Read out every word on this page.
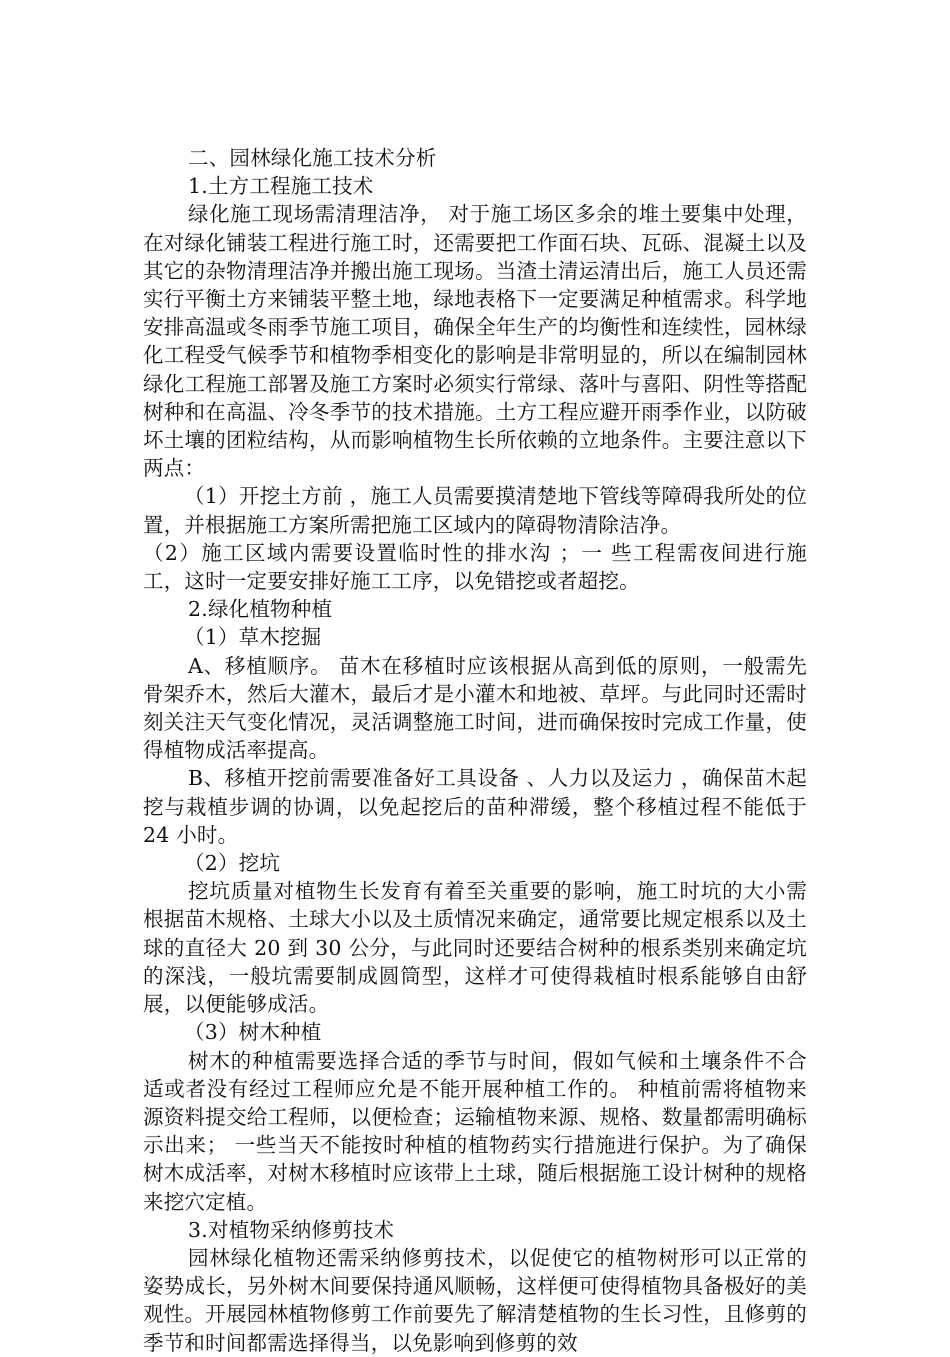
二、园林绿化施工技术分析

1.土方工程施工技术

绿化施工现场需清理洁净， 对于施工场区多余的堆土要集中处理，在对绿化铺装工程进行施工时，还需要把工作面石块、瓦砾、混凝土以及其它的杂物清理洁净并搬出施工现场。当渣土清运清出后，施工人员还需实行平衡土方来铺装平整土地，绿地表格下一定要满足种植需求。科学地安排高温或冬雨季节施工项目，确保全年生产的均衡性和连续性，园林绿化工程受气候季节和植物季相变化的影响是非常明显的，所以在编制园林绿化工程施工部署及施工方案时必须实行常绿、落叶与喜阳、阴性等搭配树种和在高温、冷冬季节的技术措施。土方工程应避开雨季作业，以防破坏土壤的团粒结构，从而影响植物生长所依赖的立地条件。主要注意以下两点：

（1）开挖土方前 ，施工人员需要摸清楚地下管线等障碍我所处的位置，并根据施工方案所需把施工区域内的障碍物清除洁净。

（2）施工区域内需要设置临时性的排水沟 ；一 些工程需夜间进行施工，这时一定要安排好施工工序，以免错挖或者超挖。

2.绿化植物种植

（1）草木挖掘

A、移植顺序。 苗木在移植时应该根据从高到低的原则，一般需先骨架乔木，然后大灌木，最后才是小灌木和地被、草坪。与此同时还需时刻关注天气变化情况，灵活调整施工时间，进而确保按时完成工作量，使得植物成活率提高。

B、移植开挖前需要准备好工具设备 、人力以及运力 ，确保苗木起挖与栽植步调的协调，以免起挖后的苗种滞缓，整个移植过程不能低于 24 小时。

（2）挖坑

挖坑质量对植物生长发育有着至关重要的影响，施工时坑的大小需根据苗木规格、土球大小以及土质情况来确定，通常要比规定根系以及土球的直径大 20 到 30 公分，与此同时还要结合树种的根系类别来确定坑的深浅，一般坑需要制成圆筒型，这样才可使得栽植时根系能够自由舒展，以便能够成活。

（3）树木种植

树木的种植需要选择合适的季节与时间，假如气候和土壤条件不合适或者没有经过工程师应允是不能开展种植工作的。 种植前需将植物来源资料提交给工程师，以便检查；运输植物来源、规格、数量都需明确标示出来； 一些当天不能按时种植的植物药实行措施进行保护。为了确保树木成活率，对树木移植时应该带上土球，随后根据施工设计树种的规格来挖穴定植。

3.对植物采纳修剪技术

园林绿化植物还需采纳修剪技术，以促使它的植物树形可以正常的姿势成长，另外树木间要保持通风顺畅，这样便可使得植物具备极好的美观性。开展园林植物修剪工作前要先了解清楚植物的生长习性，且修剪的季节和时间都需选择得当，以免影响到修剪的效
